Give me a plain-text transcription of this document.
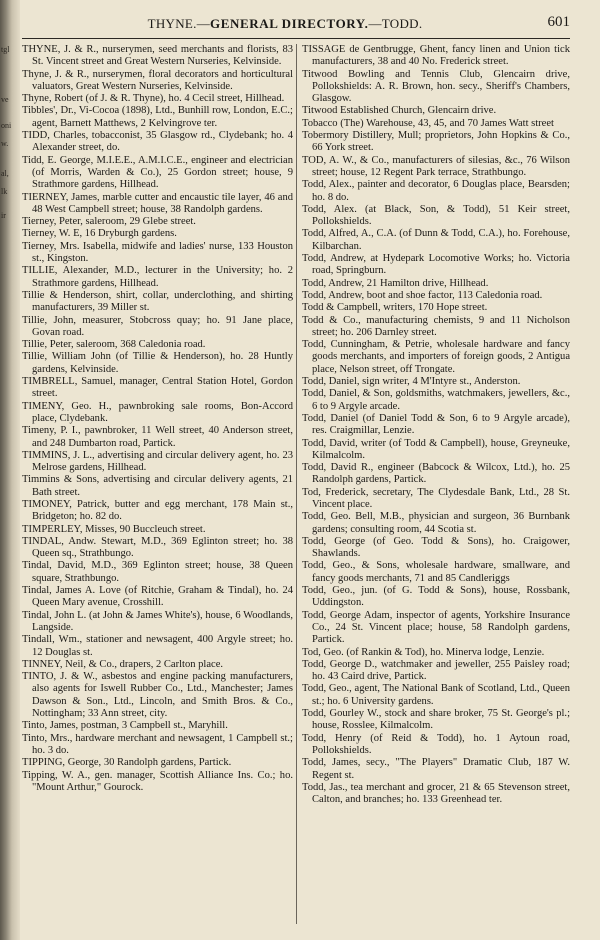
tgl
ve
oni
w.
al,
lk
ir
THYNE.—GENERAL DIRECTORY.—TODD.	601

THYNE, J. & R., nurserymen, seed merchants and florists, 83 St. Vincent street and Great Western Nurseries, Kelvinside.

Thyne, J. & R., nurserymen, floral decorators and horticultural valuators, Great Western Nurseries, Kelvinside.

Thyne, Robert (of J. & R. Thyne), ho. 4 Cecil street, Hillhead.

Tibbles', Dr., Vi-Cocoa (1898), Ltd., Bunhill row, London, E.C.; agent, Barnett Matthews, 2 Kelvingrove ter.

TIDD, Charles, tobacconist, 35 Glasgow rd., Clydebank; ho. 4 Alexander street, do.

Tidd, E. George, M.I.E.E., A.M.I.C.E., engineer and electrician (of Morris, Warden & Co.), 25 Gordon street; house, 9 Strathmore gardens, Hillhead.

TIERNEY, James, marble cutter and encaustic tile layer, 46 and 48 West Campbell street; house, 38 Randolph gardens.

Tierney, Peter, saleroom, 29 Glebe street.

Tierney, W. E, 16 Dryburgh gardens.

Tierney, Mrs. Isabella, midwife and ladies' nurse, 133 Houston st., Kingston.

TILLIE, Alexander, M.D., lecturer in the University; ho. 2 Strathmore gardens, Hillhead.

Tillie & Henderson, shirt, collar, underclothing, and shirting manufacturers, 39 Miller st.

Tillie, John, measurer, Stobcross quay; ho. 91 Jane place, Govan road.

Tillie, Peter, saleroom, 368 Caledonia road.

Tillie, William John (of Tillie & Henderson), ho. 28 Huntly gardens, Kelvinside.

TIMBRELL, Samuel, manager, Central Station Hotel, Gordon street.

TIMENY, Geo. H., pawnbroking sale rooms, Bon-Accord place, Clydebank.

Timeny, P. I., pawnbroker, 11 Well street, 40 Anderson street, and 248 Dumbarton road, Partick.

TIMMINS, J. L., advertising and circular delivery agent, ho. 23 Melrose gardens, Hillhead.

Timmins & Sons, advertising and circular delivery agents, 21 Bath street.

TIMONEY, Patrick, butter and egg merchant, 178 Main st., Bridgeton; ho. 82 do.

TIMPERLEY, Misses, 90 Buccleuch street.

TINDAL, Andw. Stewart, M.D., 369 Eglinton street; ho. 38 Queen sq., Strathbungo.

Tindal, David, M.D., 369 Eglinton street; house, 38 Queen square, Strathbungo.

Tindal, James A. Love (of Ritchie, Graham & Tindal), ho. 24 Queen Mary avenue, Crosshill.

Tindal, John L. (at John & James White's), house, 6 Woodlands, Langside.

Tindall, Wm., stationer and newsagent, 400 Argyle street; ho. 12 Douglas st.

TINNEY, Neil, & Co., drapers, 2 Carlton place.

TINTO, J. & W., asbestos and engine packing manufacturers, also agents for Iswell Rubber Co., Ltd., Manchester; James Dawson & Son., Ltd., Lincoln, and Smith Bros. & Co., Nottingham; 33 Ann street, city.

Tinto, James, postman, 3 Campbell st., Maryhill.

Tinto, Mrs., hardware merchant and newsagent, 1 Campbell st.; ho. 3 do.

TIPPING, George, 30 Randolph gardens, Partick.

Tipping, W. A., gen. manager, Scottish Alliance Ins. Co.; ho. "Mount Arthur," Gourock.

TISSAGE de Gentbrugge, Ghent, fancy linen and Union tick manufacturers, 38 and 40 No. Frederick street.

Titwood Bowling and Tennis Club, Glencairn drive, Pollokshields: A. R. Brown, hon. secy., Sheriff's Chambers, Glasgow.

Titwood Established Church, Glencairn drive.

Tobacco (The) Warehouse, 43, 45, and 70 James Watt street

Tobermory Distillery, Mull; proprietors, John Hopkins & Co., 66 York street.

TOD, A. W., & Co., manufacturers of silesias, &c., 76 Wilson street; house, 12 Regent Park terrace, Strathbungo.

Todd, Alex., painter and decorator, 6 Douglas place, Bearsden; ho. 8 do.

Todd, Alex. (at Black, Son, & Todd), 51 Keir street, Pollokshields.

Todd, Alfred, A., C.A. (of Dunn & Todd, C.A.), ho. Forehouse, Kilbarchan.

Todd, Andrew, at Hydepark Locomotive Works; ho. Victoria road, Springburn.

Todd, Andrew, 21 Hamilton drive, Hillhead.

Todd, Andrew, boot and shoe factor, 113 Caledonia road.

Todd & Campbell, writers, 170 Hope street.

Todd & Co., manufacturing chemists, 9 and 11 Nicholson street; ho. 206 Darnley street.

Todd, Cunningham, & Petrie, wholesale hardware and fancy goods merchants, and importers of foreign goods, 2 Antigua place, Nelson street, off Trongate.

Todd, Daniel, sign writer, 4 M'Intyre st., Anderston.

Todd, Daniel, & Son, goldsmiths, watchmakers, jewellers, &c., 6 to 9 Argyle arcade.

Todd, Daniel (of Daniel Todd & Son, 6 to 9 Argyle arcade), res. Craigmillar, Lenzie.

Todd, David, writer (of Todd & Campbell), house, Greyneuke, Kilmalcolm.

Todd, David R., engineer (Babcock & Wilcox, Ltd.), ho. 25 Randolph gardens, Partick.

Tod, Frederick, secretary, The Clydesdale Bank, Ltd., 28 St. Vincent place.

Todd, Geo. Bell, M.B., physician and surgeon, 36 Burnbank gardens; consulting room, 44 Scotia st.

Todd, George (of Geo. Todd & Sons), ho. Craigower, Shawlands.

Todd, Geo., & Sons, wholesale hardware, smallware, and fancy goods merchants, 71 and 85 Candleriggs

Todd, Geo., jun. (of G. Todd & Sons), house, Rossbank, Uddingston.

Todd, George Adam, inspector of agents, Yorkshire Insurance Co., 24 St. Vincent place; house, 58 Randolph gardens, Partick.

Tod, Geo. (of Rankin & Tod), ho. Minerva lodge, Lenzie.

Todd, George D., watchmaker and jeweller, 255 Paisley road; ho. 43 Caird drive, Partick.

Todd, Geo., agent, The National Bank of Scotland, Ltd., Queen st.; ho. 6 University gardens.

Todd, Gourley W., stock and share broker, 75 St. George's pl.; house, Rosslee, Kilmalcolm.

Todd, Henry (of Reid & Todd), ho. 1 Aytoun road, Pollokshields.

Todd, James, secy., "The Players" Dramatic Club, 187 W. Regent st.

Todd, Jas., tea merchant and grocer, 21 & 65 Stevenson street, Calton, and branches; ho. 133 Greenhead ter.
